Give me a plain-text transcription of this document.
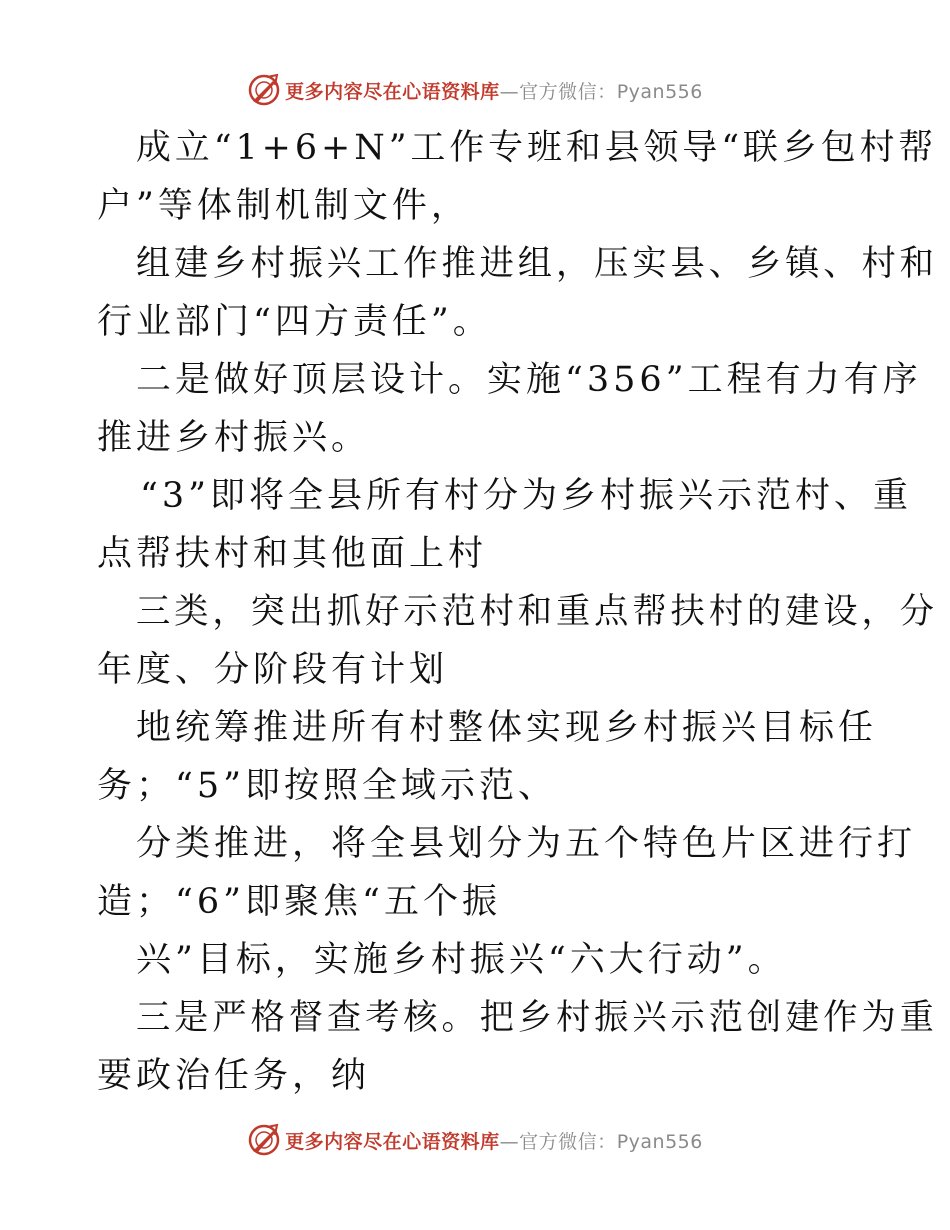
更多内容尽在心语资料库—官方微信：Pyan556
成立“1+6+N”工作专班和县领导“联乡包村帮
户”等体制机制文件，
组建乡村振兴工作推进组，压实县、乡镇、村和
行业部门“四方责任”。
二是做好顶层设计。实施“356”工程有力有序
推进乡村振兴。
“3”即将全县所有村分为乡村振兴示范村、重
点帮扶村和其他面上村
三类，突出抓好示范村和重点帮扶村的建设，分
年度、分阶段有计划
地统筹推进所有村整体实现乡村振兴目标任
务；“5”即按照全域示范、
分类推进，将全县划分为五个特色片区进行打
造；“6”即聚焦“五个振
兴”目标，实施乡村振兴“六大行动”。
三是严格督查考核。把乡村振兴示范创建作为重
要政治任务，纳
更多内容尽在心语资料库—官方微信：Pyan556
